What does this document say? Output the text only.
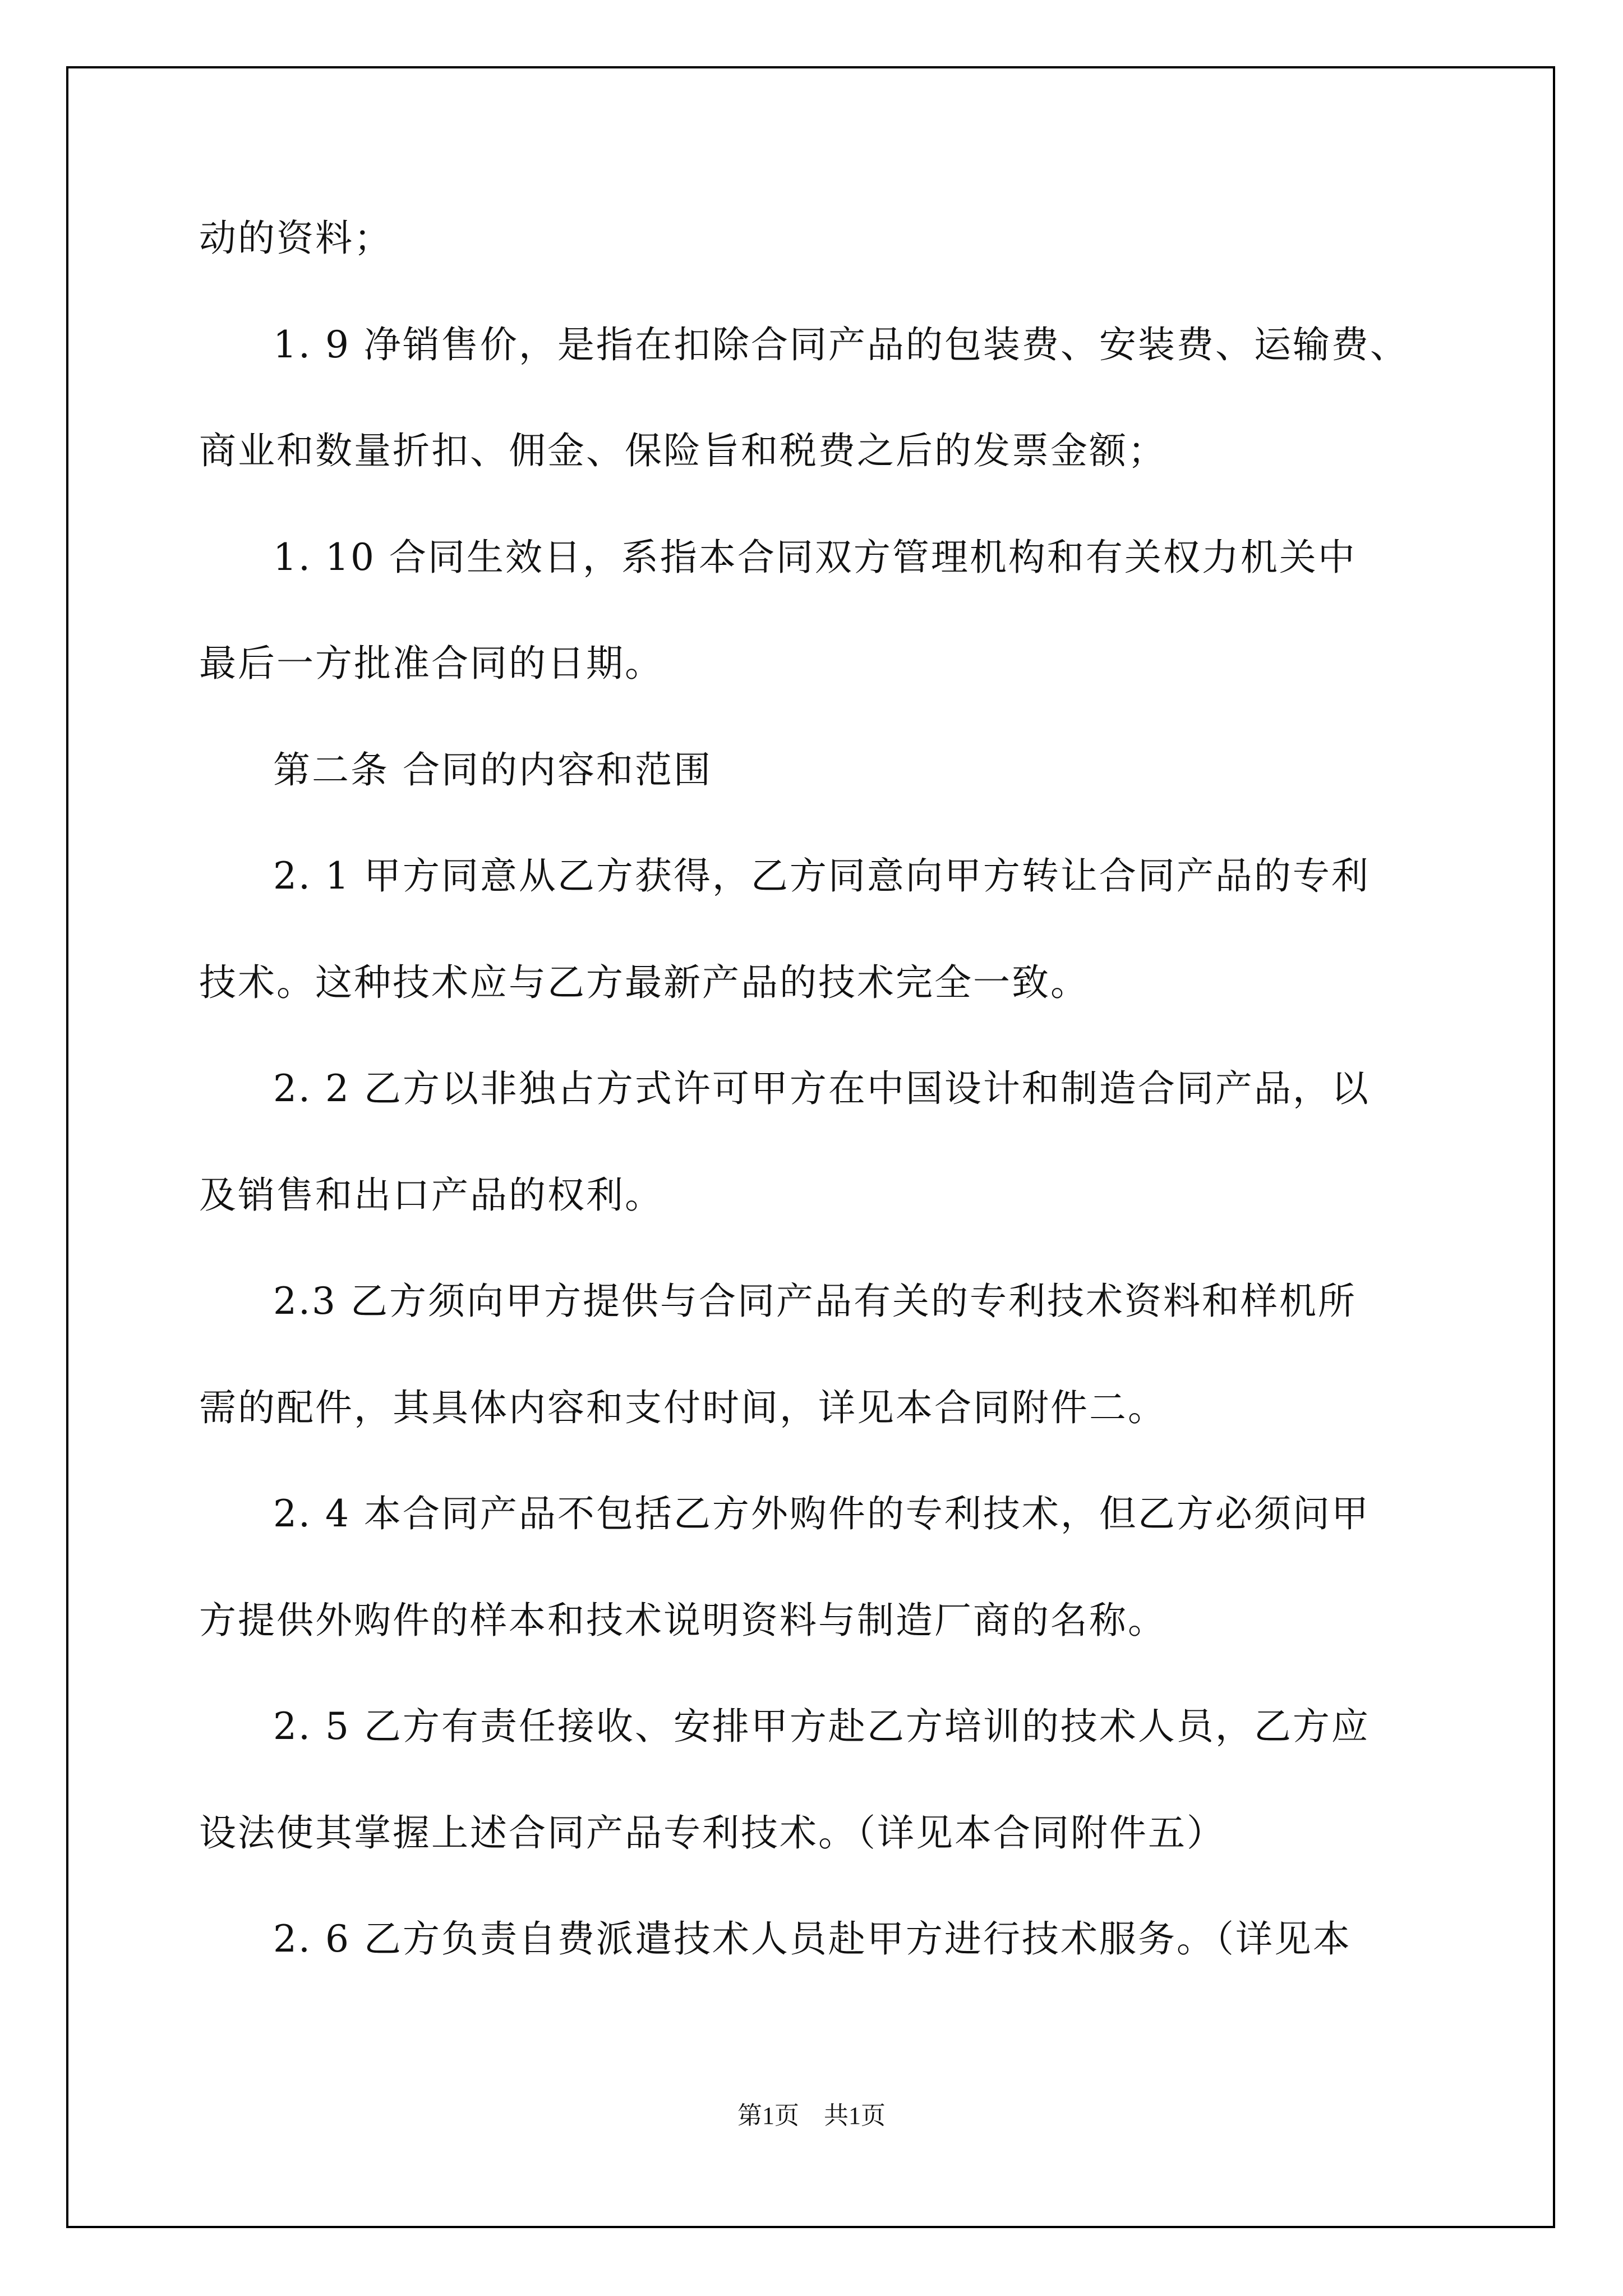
动的资料；
1. 9 净销售价，是指在扣除合同产品的包装费、安装费、运输费、
商业和数量折扣、佣金、保险旨和税费之后的发票金额；
1. 10 合同生效日，系指本合同双方管理机构和有关权力机关中
最后一方批准合同的日期。
第二条 合同的内容和范围
2. 1 甲方同意从乙方获得，乙方同意向甲方转让合同产品的专利
技术。这种技术应与乙方最新产品的技术完全一致。
2. 2 乙方以非独占方式许可甲方在中国设计和制造合同产品，以
及销售和出口产品的权利。
2.3 乙方须向甲方提供与合同产品有关的专利技术资料和样机所
需的配件，其具体内容和支付时间，详见本合同附件二。
2. 4 本合同产品不包括乙方外购件的专利技术，但乙方必须问甲
方提供外购件的样本和技术说明资料与制造厂商的名称。
2. 5 乙方有责任接收、安排甲方赴乙方培训的技术人员，乙方应
设法使其掌握上述合同产品专利技术。（详见本合同附件五）
2. 6 乙方负责自费派遣技术人员赴甲方进行技术服务。（详见本
第1页　共1页
